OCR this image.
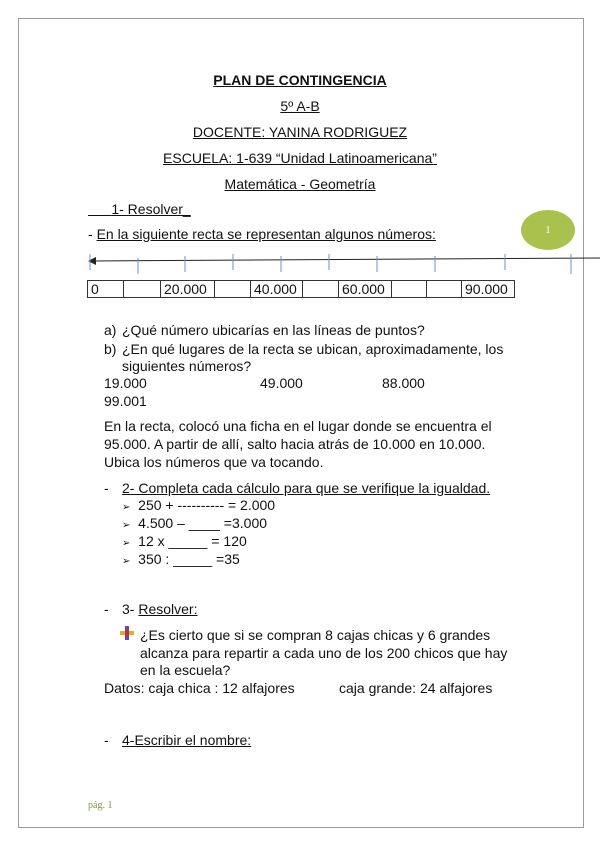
PLAN DE CONTINGENCIA
5º A-B
DOCENTE: YANINA RODRIGUEZ
ESCUELA: 1-639 “Unidad Latinoamericana”
Matemática - Geometría
1
1- Resolver_
- En la siguiente recta se representan algunos números:
0	20.000	40.000	60.000	90.000
a) ¿Qué número ubicarías en las líneas de puntos?
b) ¿En qué lugares de la recta se ubican, aproximadamente, los
siguientes números?
19.000	49.000	88.000
99.001
En la recta, colocó una ficha en el lugar donde se encuentra el
95.000. A partir de allí, salto hacia atrás de 10.000 en 10.000.
Ubica los números que va tocando.
- 2- Completa cada cálculo para que se verifique la igualdad.
➢ 250 + ---------- = 2.000
➢ 4.500 – ____ =3.000
➢ 12 x _____ = 120
➢ 350 : _____ =35
- 3- Resolver:
¿Es cierto que si se compran 8 cajas chicas y 6 grandes
alcanza para repartir a cada uno de los 200 chicos que hay
en la escuela?
Datos: caja chica : 12 alfajores	caja grande: 24 alfajores
- 4-Escribir el nombre:
pág. 1
